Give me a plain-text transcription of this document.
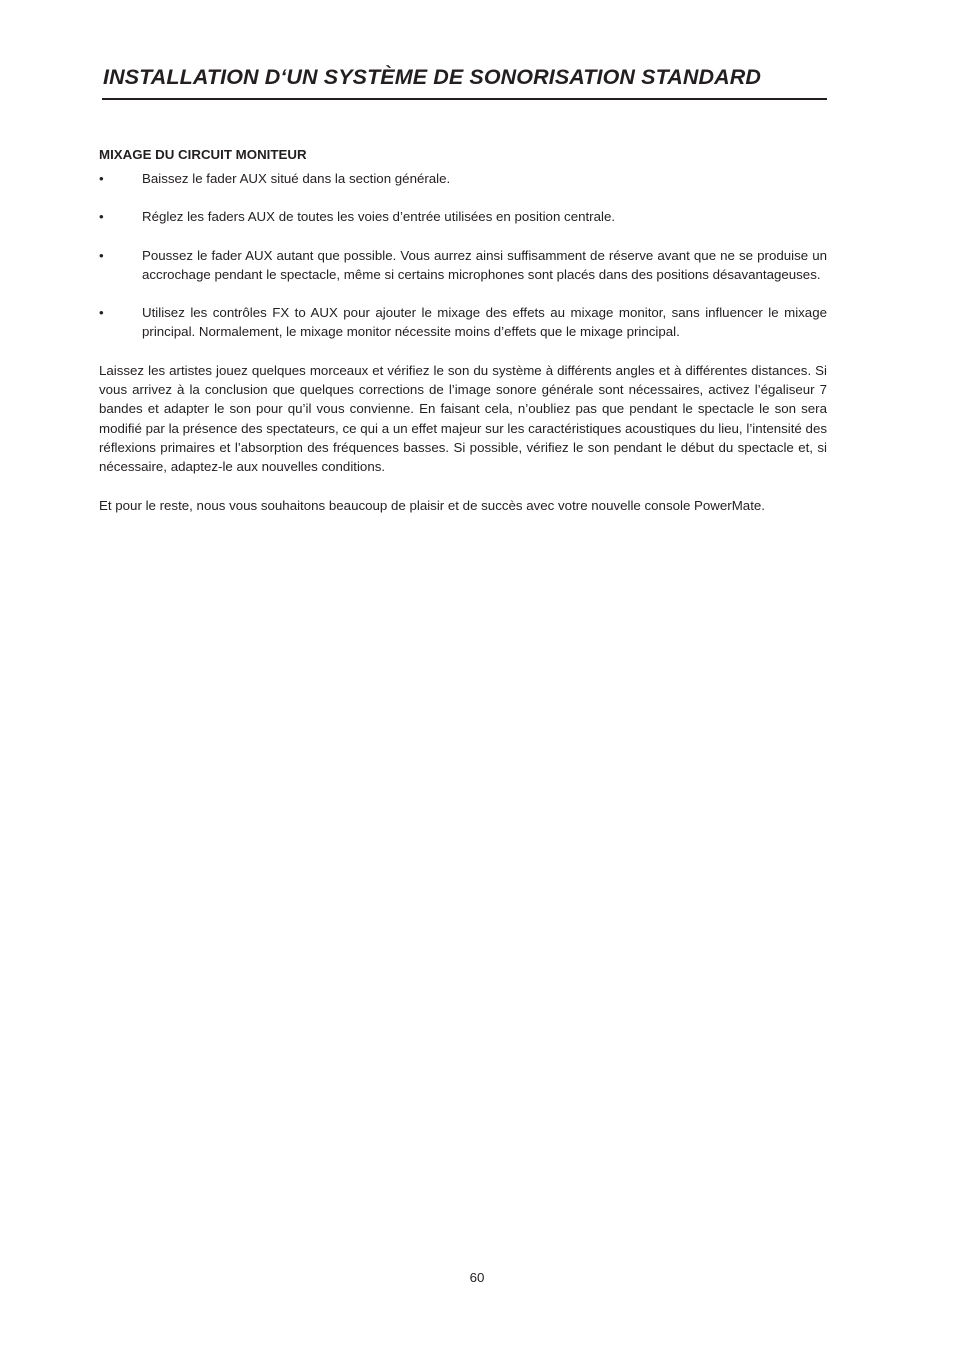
INSTALLATION D‘UN SYSTÈME DE SONORISATION STANDARD
MIXAGE DU CIRCUIT MONITEUR
•	Baissez le fader AUX situé dans la section générale.
•	Réglez les faders AUX de toutes les voies d’entrée utilisées en position centrale.
•	Poussez le fader AUX autant que possible. Vous aurrez ainsi suffisamment de réserve avant que ne se produise un accrochage pendant le spectacle, même si certains microphones sont placés dans des positions désavantageuses.
•	Utilisez les contrôles FX to AUX pour ajouter le mixage des effets au mixage monitor, sans influencer le mixage principal. Normalement, le mixage monitor nécessite moins d’effets que le mixage principal.

Laissez les artistes jouez quelques morceaux et vérifiez le son du système à différents angles et à différentes distances. Si vous arrivez à la conclusion que quelques corrections de l’image sonore générale sont nécessaires, activez l’égaliseur 7 bandes et adapter le son pour qu’il vous convienne. En faisant cela, n’oubliez pas que pendant le spectacle le son sera modifié par la présence des spectateurs, ce qui a un effet majeur sur les caractéristiques acoustiques du lieu, l’intensité des réflexions primaires et l’absorption des fréquences basses. Si possible, vérifiez le son pendant le début du spectacle et, si nécessaire, adaptez-le aux nouvelles conditions.

Et pour le reste, nous vous souhaitons beaucoup de plaisir et de succès avec votre nouvelle console PowerMate.

60
